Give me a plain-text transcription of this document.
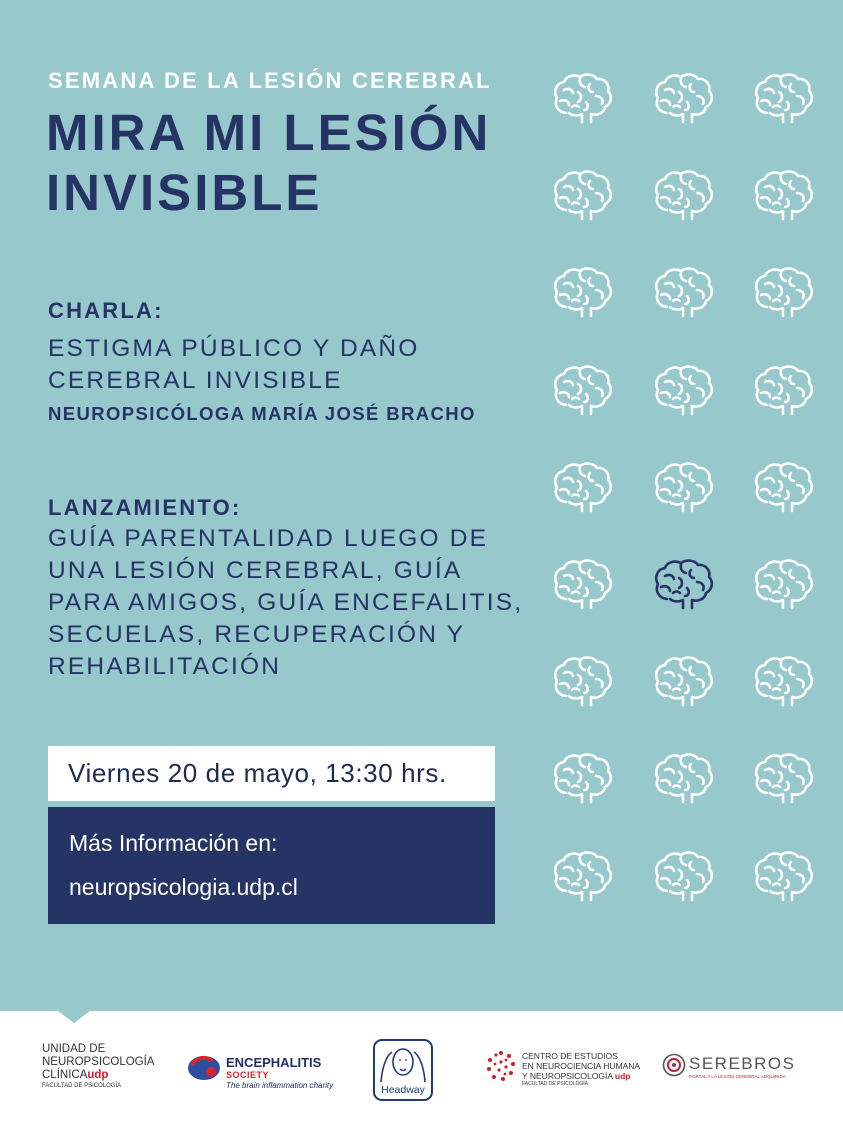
SEMANA DE LA LESIÓN CEREBRAL
MIRA MI LESIÓN
INVISIBLE
CHARLA:
ESTIGMA PÚBLICO Y DAÑO
CEREBRAL INVISIBLE
NEUROPSICÓLOGA MARÍA JOSÉ BRACHO
LANZAMIENTO:
GUÍA PARENTALIDAD LUEGO DE
UNA LESIÓN CEREBRAL, GUÍA
PARA AMIGOS, GUÍA ENCEFALITIS,
SECUELAS, RECUPERACIÓN Y
REHABILITACIÓN
Viernes 20 de mayo, 13:30 hrs.
Más Información en:
neuropsicologia.udp.cl
UNIDAD DE
NEUROPSICOLOGÍA
CLÍNICAudp
FACULTAD DE PSICOLOGÍA
ENCEPHALITIS
SOCIETY
The brain inflammation charity	Headway
CENTRO DE ESTUDIOS
EN NEUROCIENCIA HUMANA
Y NEUROPSICOLOGÍA udp
FACULTAD DE PSICOLOGÍA
SEREBROS
PORTAL A LA LESIÓN CEREBRAL ADQUIRIDA
